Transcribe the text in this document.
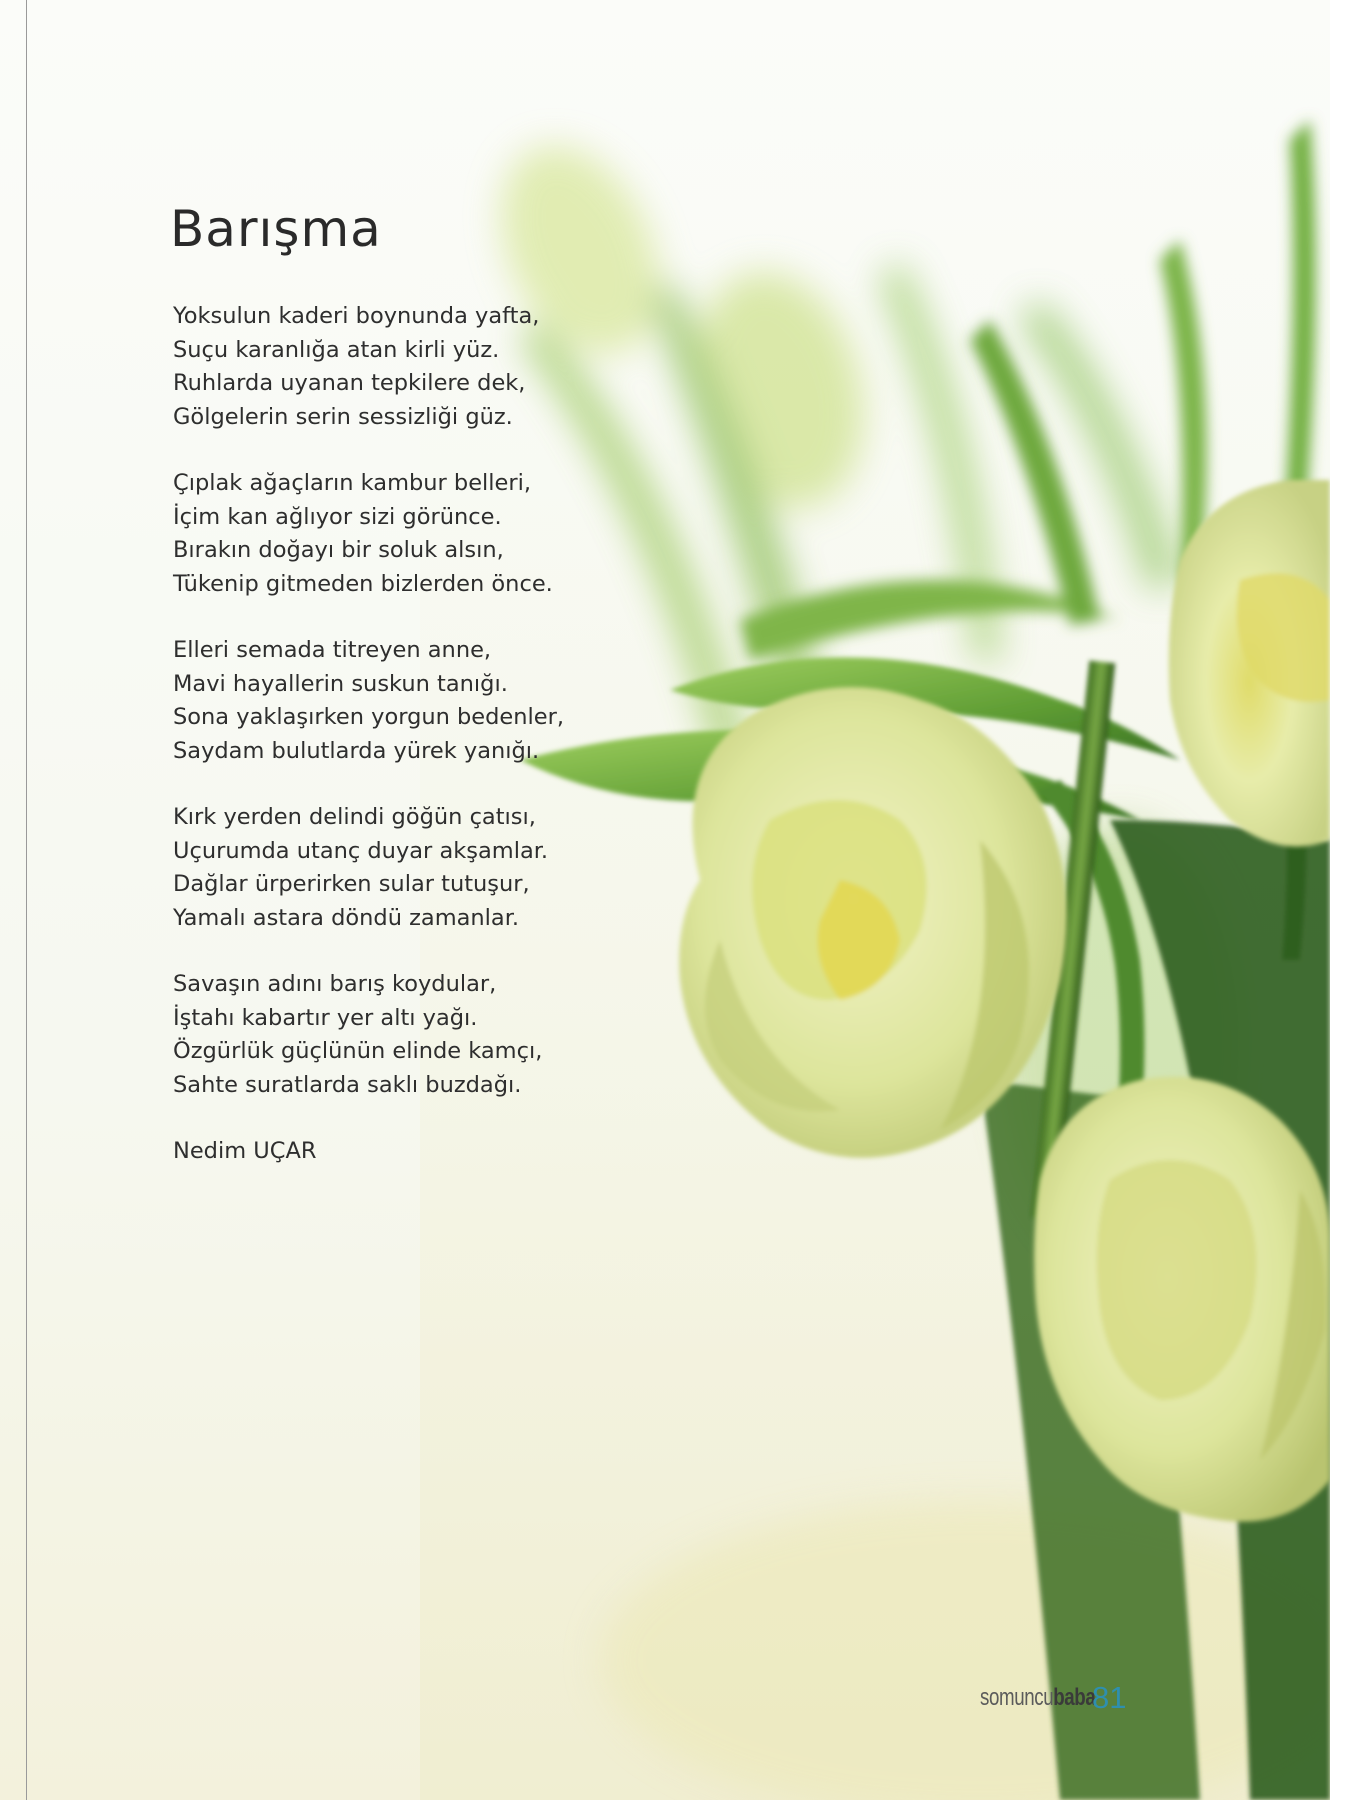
Barışma
Yoksulun kaderi boynunda yafta,
Suçu karanlığa atan kirli yüz.
Ruhlarda uyanan tepkilere dek,
Gölgelerin serin sessizliği güz.
Çıplak ağaçların kambur belleri,
İçim kan ağlıyor sizi görünce.
Bırakın doğayı bir soluk alsın,
Tükenip gitmeden bizlerden önce.
Elleri semada titreyen anne,
Mavi hayallerin suskun tanığı.
Sona yaklaşırken yorgun bedenler,
Saydam bulutlarda yürek yanığı.
Kırk yerden delindi göğün çatısı,
Uçurumda utanç duyar akşamlar.
Dağlar ürperirken sular tutuşur,
Yamalı astara döndü zamanlar.
Savaşın adını barış koydular,
İştahı kabartır yer altı yağı.
Özgürlük güçlünün elinde kamçı,
Sahte suratlarda saklı buzdağı.
Nedim UÇAR
somuncubaba
81
